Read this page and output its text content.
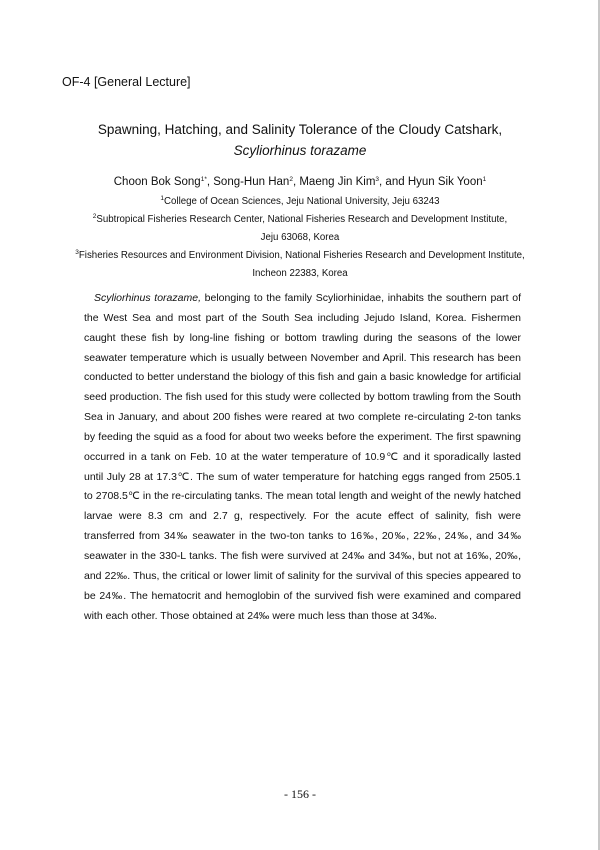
OF-4 [General Lecture]
Spawning, Hatching, and Salinity Tolerance of the Cloudy Catshark,
Scyliorhinus torazame
Choon Bok Song$^{1*}$, Song-Hun Han$^2$, Maeng Jin Kim$^3$, and Hyun Sik Yoon$^1$
$^1$College of Ocean Sciences, Jeju National University, Jeju 63243
$^2$Subtropical Fisheries Research Center, National Fisheries Research and Development Institute,
Jeju 63068, Korea
$^3$Fisheries Resources and Environment Division, National Fisheries Research and Development Institute,
Incheon 22383, Korea

Scyliorhinus torazame, belonging to the family Scyliorhinidae, inhabits the southern part of the West Sea and most part of the South Sea including Jejudo Island, Korea. Fishermen caught these fish by long-line fishing or bottom trawling during the seasons of the lower seawater temperature which is usually between November and April. This research has been conducted to better understand the biology of this fish and gain a basic knowledge for artificial seed production. The fish used for this study were collected by bottom trawling from the South Sea in January, and about 200 fishes were reared at two complete re-circulating 2-ton tanks by feeding the squid as a food for about two weeks before the experiment. The first spawning occurred in a tank on Feb. 10 at the water temperature of 10.9℃ and it sporadically lasted until July 28 at 17.3℃. The sum of water temperature for hatching eggs ranged from 2505.1 to 2708.5℃ in the re-circulating tanks. The mean total length and weight of the newly hatched larvae were 8.3 cm and 2.7 g, respectively. For the acute effect of salinity, fish were transferred from 34‰ seawater in the two-ton tanks to 16‰, 20‰, 22‰, 24‰, and 34‰ seawater in the 330-L tanks. The fish were survived at 24‰ and 34‰, but not at 16‰, 20‰, and 22‰. Thus, the critical or lower limit of salinity for the survival of this species appeared to be 24‰. The hematocrit and hemoglobin of the survived fish were examined and compared with each other. Those obtained at 24‰ were much less than those at 34‰.

- 156 -
